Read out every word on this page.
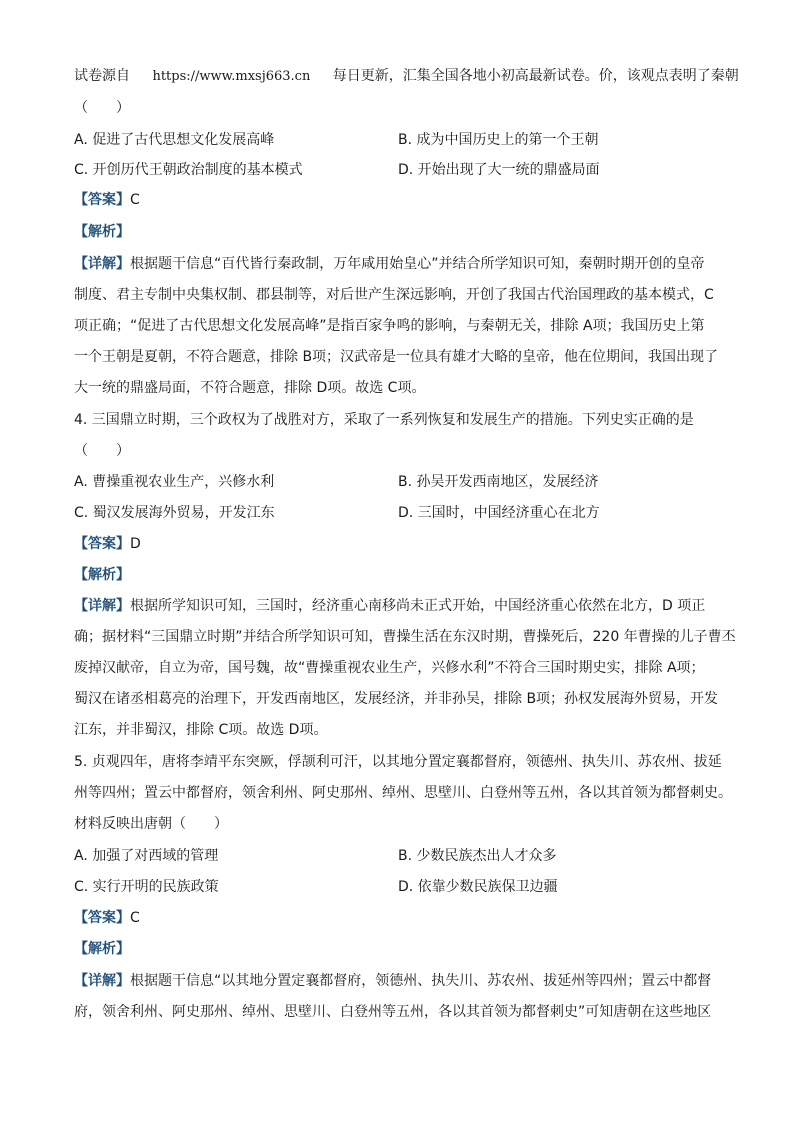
试卷源自 https://www.mxsj663.cn 每日更新，汇集全国各地小初高最新试卷。价，该观点表明了秦朝
（　　）
A. 促进了古代思想文化发展高峰	B. 成为中国历史上的第一个王朝
C. 开创历代王朝政治制度的基本模式	D. 开始出现了大一统的鼎盛局面
【答案】C
【解析】
【详解】根据题干信息“百代皆行秦政制，万年咸用始皇心”并结合所学知识可知，秦朝时期开创的皇帝
制度、君主专制中央集权制、郡县制等，对后世产生深远影响，开创了我国古代治国理政的基本模式，C
项正确；“促进了古代思想文化发展高峰”是指百家争鸣的影响，与秦朝无关，排除 A项；我国历史上第
一个王朝是夏朝，不符合题意，排除 B项；汉武帝是一位具有雄才大略的皇帝，他在位期间，我国出现了
大一统的鼎盛局面，不符合题意，排除 D项。故选 C项。
4. 三国鼎立时期，三个政权为了战胜对方，采取了一系列恢复和发展生产的措施。下列史实正确的是
（　　）
A. 曹操重视农业生产，兴修水利	B. 孙吴开发西南地区，发展经济
C. 蜀汉发展海外贸易，开发江东	D. 三国时，中国经济重心在北方
【答案】D
【解析】
【详解】根据所学知识可知，三国时，经济重心南移尚未正式开始，中国经济重心依然在北方，D 项正
确；据材料“三国鼎立时期”并结合所学知识可知，曹操生活在东汉时期，曹操死后，220 年曹操的儿子曹丕
废掉汉献帝，自立为帝，国号魏，故“曹操重视农业生产，兴修水利”不符合三国时期史实，排除 A项；
蜀汉在诸丞相葛亮的治理下，开发西南地区，发展经济，并非孙吴，排除 B项；孙权发展海外贸易，开发
江东，并非蜀汉，排除 C项。故选 D项。
5. 贞观四年，唐将李靖平东突厥，俘颉利可汗，以其地分置定襄都督府，领德州、执失川、苏农州、拔延
州等四州；置云中都督府，领舍利州、阿史那州、绰州、思壁川、白登州等五州，各以其首领为都督刺史。
材料反映出唐朝（　　）
A. 加强了对西域的管理	B. 少数民族杰出人才众多
C. 实行开明的民族政策	D. 依靠少数民族保卫边疆
【答案】C
【解析】
【详解】根据题干信息“以其地分置定襄都督府，领德州、执失川、苏农州、拔延州等四州；置云中都督
府，领舍利州、阿史那州、绰州、思壁川、白登州等五州，各以其首领为都督刺史”可知唐朝在这些地区
